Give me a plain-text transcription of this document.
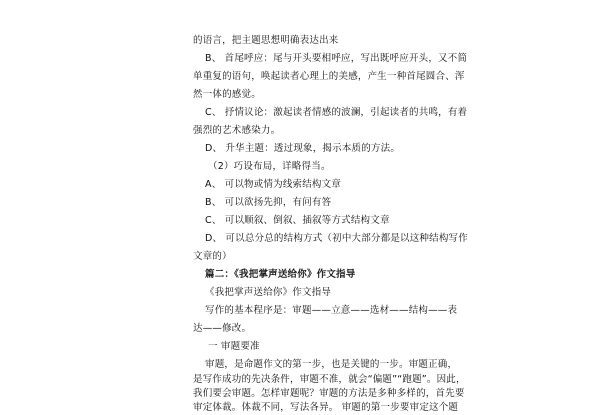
的语言，把主题思想明确表达出来
B、 首尾呼应：尾与开头要相呼应，写出既呼应开头，又不简
单重复的语句，唤起读者心理上的美感，产生一种首尾圆合、浑
然一体的感觉。
C、 抒情议论：激起读者情感的波澜，引起读者的共鸣，有着
强烈的艺术感染力。
D、 升华主题：透过现象，揭示本质的方法。
（2）巧设布局，详略得当。
A、 可以物或情为线索结构文章
B、 可以欲扬先抑，有问有答
C、 可以顺叙、倒叙、插叙等方式结构文章
D、 可以总分总的结构方式（初中大部分都是以这种结构写作
文章的）
篇二：《我把掌声送给你》作文指导
《我把掌声送给你》作文指导
写作的基本程序是：审题——立意——选材——结构——表
达——修改。
一 审题要准
审题，是命题作文的第一步，也是关键的一步。审题正确，
是写作成功的先决条件，审题不准，就会“偏题”“跑题”。因此，
我们要会审题。怎样审题呢？审题的方法是多种多样的，首先要
审定体裁。体裁不同，写法各异。 审题的第一步要审定这个题
